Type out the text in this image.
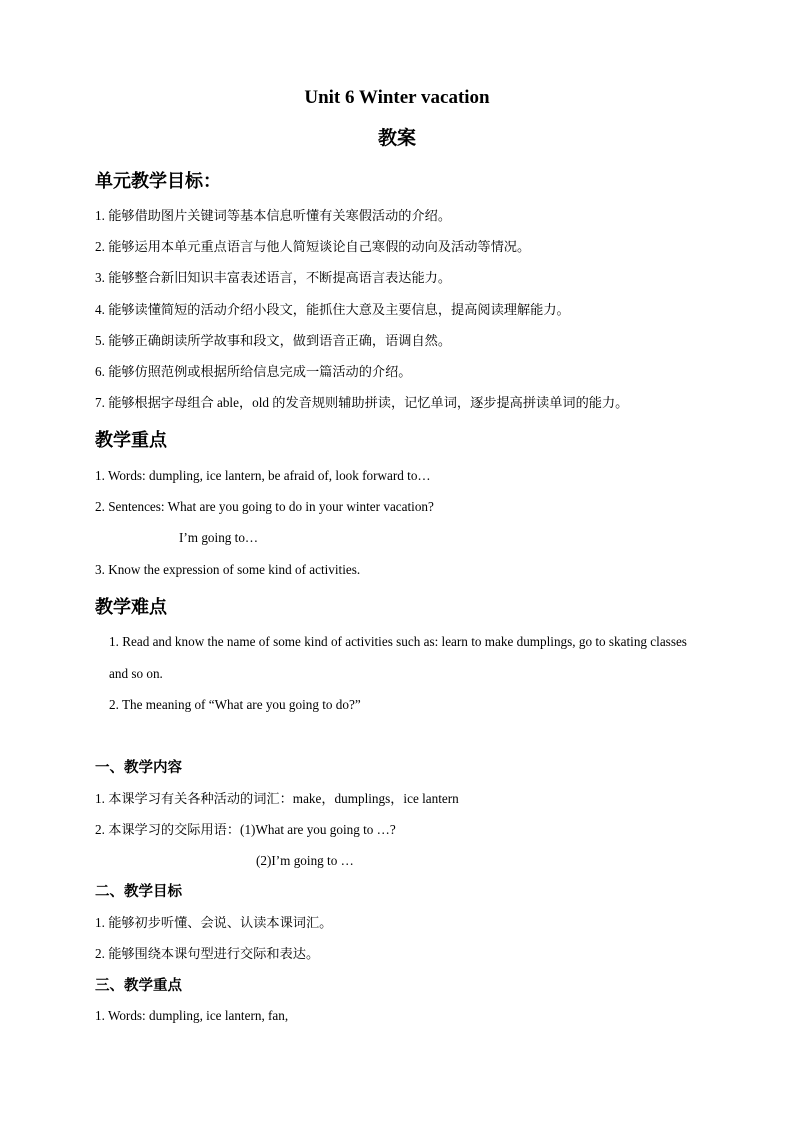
Unit 6 Winter vacation
教案
单元教学目标：
1. 能够借助图片关键词等基本信息听懂有关寒假活动的介绍。
2. 能够运用本单元重点语言与他人简短谈论自己寒假的动向及活动等情况。
3. 能够整合新旧知识丰富表述语言，不断提高语言表达能力。
4. 能够读懂简短的活动介绍小段文，能抓住大意及主要信息，提高阅读理解能力。
5. 能够正确朗读所学故事和段文，做到语音正确，语调自然。
6. 能够仿照范例或根据所给信息完成一篇活动的介绍。
7. 能够根据字母组合 able，old 的发音规则辅助拼读，记忆单词，逐步提高拼读单词的能力。
教学重点
1. Words: dumpling, ice lantern, be afraid of, look forward to…
2. Sentences: What are you going to do in your winter vacation?
I’m going to…
3. Know the expression of some kind of activities.
教学难点
1. Read and know the name of some kind of activities such as: learn to make dumplings, go to skating classes
and so on.
2. The meaning of “What are you going to do?”
一、教学内容
1. 本课学习有关各种活动的词汇：make，dumplings，ice lantern
2. 本课学习的交际用语：(1)What are you going to …?
(2)I’m going to …
二、教学目标
1. 能够初步听懂、会说、认读本课词汇。
2. 能够围绕本课句型进行交际和表达。
三、教学重点
1. Words: dumpling, ice lantern, fan,
